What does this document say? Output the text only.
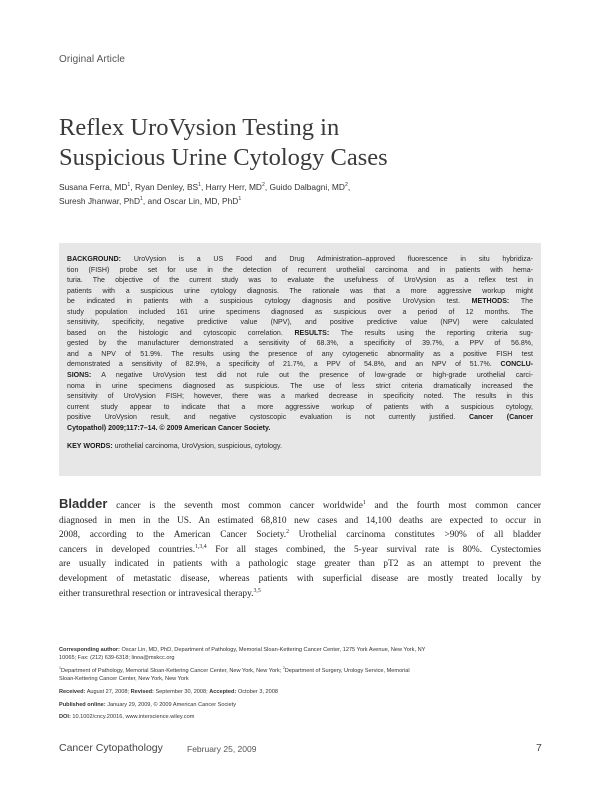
Original Article
Reflex UroVysion Testing in
Suspicious Urine Cytology Cases
Susana Ferra, $MD^1$, Ryan Denley, $BS^1$, Harry Herr, $MD^2$, Guido Dalbagni, $MD^2$,
Suresh Jhanwar, PhD$^1$, and Oscar Lin, MD, PhD$^1$
BACKGROUND: UroVysion is a US Food and Drug Administration–approved fluorescence in situ hybridiza-
tion (FISH) probe set for use in the detection of recurrent urothelial carcinoma and in patients with hema-
turia. The objective of the current study was to evaluate the usefulness of UroVysion as a reflex test in
patients with a suspicious urine cytology diagnosis. The rationale was that a more aggressive workup might
be indicated in patients with a suspicious cytology diagnosis and positive UroVysion test. METHODS: The
study population included 161 urine specimens diagnosed as suspicious over a period of 12 months. The
sensitivity, specificity, negative predictive value (NPV), and positive predictive value (NPV) were calculated
based on the histologic and cytoscopic correlation. RESULTS: The results using the reporting criteria sug-
gested by the manufacturer demonstrated a sensitivity of 68.3%, a specificity of 39.7%, a PPV of 56.8%,
and a NPV of 51.9%. The results using the presence of any cytogenetic abnormality as a positive FISH test
demonstrated a sensitivity of 82.9%, a specificity of 21.7%, a PPV of 54.8%, and an NPV of 51.7%. CONCLU-
SIONS: A negative UroVysion test did not rule out the presence of low-grade or high-grade urothelial carci-
noma in urine specimens diagnosed as suspicious. The use of less strict criteria dramatically increased the
sensitivity of UroVysion FISH; however, there was a marked decrease in specificity noted. The results in this
current study appear to indicate that a more aggressive workup of patients with a suspicious cytology,
positive UroVysion result, and negative cystoscopic evaluation is not currently justified. Cancer (Cancer
Cytopathol) 2009;117:7–14. © 2009 American Cancer Society.
KEY WORDS: urothelial carcinoma, UroVysion, suspicious, cytology.
Bladder cancer is the seventh most common cancer worldwide$^1$ and the fourth most common cancer
diagnosed in men in the US. An estimated 68,810 new cases and 14,100 deaths are expected to occur in
2008, according to the American Cancer Society.$^2$ Urothelial carcinoma constitutes >90% of all bladder
cancers in developed countries.$^{1,3,4}$ For all stages combined, the 5-year survival rate is 80%. Cystectomies
are usually indicated in patients with a pathologic stage greater than pT2 as an attempt to prevent the
development of metastatic disease, whereas patients with superficial disease are mostly treated locally by
either transurethral resection or intravesical therapy.$^{3,5}$

Corresponding author: Oscar Lin, MD, PhD, Department of Pathology, Memorial Sloan-Kettering Cancer Center, 1275 York Avenue, New York, NY
10065; Fax: (212) 639-6318; linoa@mskcc.org

$^1$Department of Pathology, Memorial Sloan-Kettering Cancer Center, New York, New York; $^2$Department of Surgery, Urology Service, Memorial
Sloan-Kettering Cancer Center, New York, New York

Received: August 27, 2008; Revised: September 30, 2008; Accepted: October 3, 2008

Published online: January 29, 2009, © 2009 American Cancer Society

DOI: 10.1002/cncy.20016, www.interscience.wiley.com

Cancer Cytopathology	February 25, 2009	7
